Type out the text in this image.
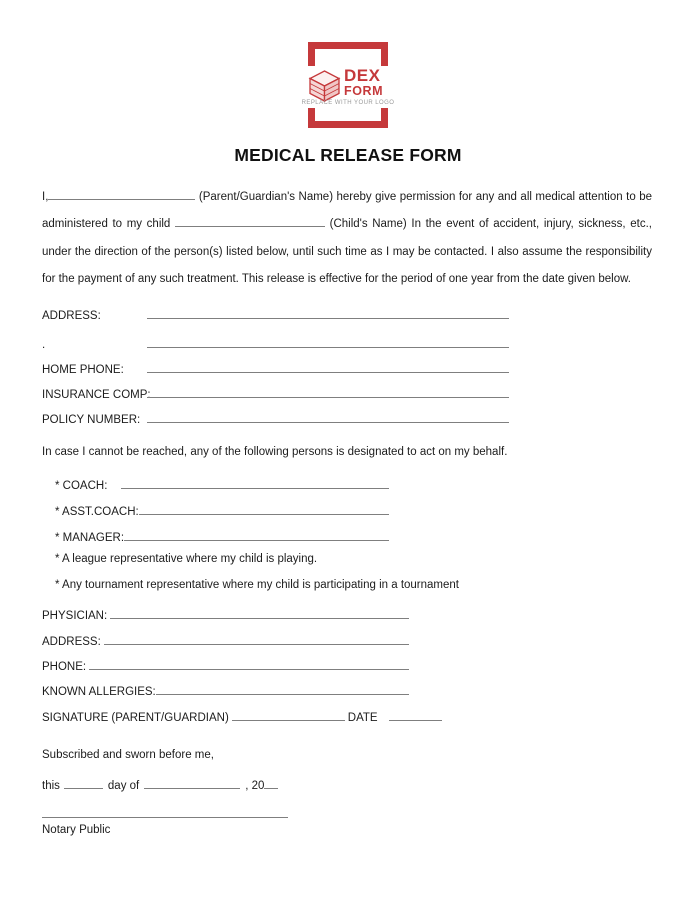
DEX
FORM
REPLACE WITH YOUR LOGO
MEDICAL RELEASE FORM

I,	(Parent/Guardian's Name) hereby give permission for any and all medical attention to be administered to my child	(Child's Name) In the event of accident, injury, sickness, etc., under the direction of the person(s) listed below, until such time as I may be contacted. I also assume the responsibility for the payment of any such treatment. This release is effective for the period of one year from the date given below.

ADDRESS:
.
HOME PHONE:
INSURANCE COMP:
POLICY NUMBER:
In case I cannot be reached, any of the following persons is designated to act on my behalf.
* COACH:
* ASST.COACH:
* MANAGER:
* A league representative where my child is playing.
* Any tournament representative where my child is participating in a tournament
PHYSICIAN:
ADDRESS:
PHONE:
KNOWN ALLERGIES:
SIGNATURE (PARENT/GUARDIAN)	DATE
Subscribed and sworn before me,
this	day of	, 20
Notary Public
